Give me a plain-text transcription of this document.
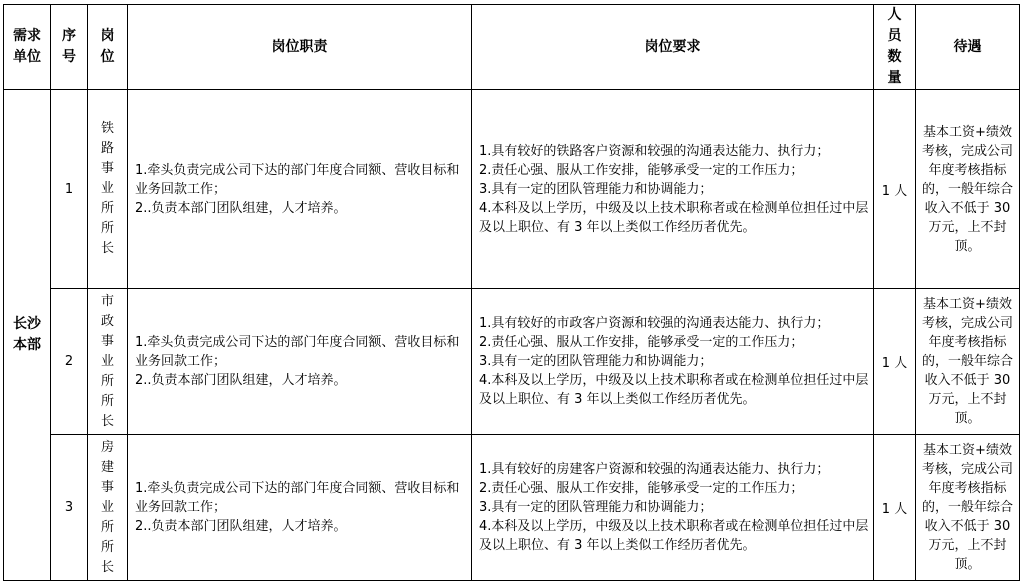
需求单位	序号	岗位	岗位职责	岗位要求	人员数量	待遇

长沙本部	1	铁路事业所所长	1.牵头负责完成公司下达的部门年度合同额、营收目标和业务回款工作；
2..负责本部门团队组建，人才培养。	1.具有较好的铁路客户资源和较强的沟通表达能力、执行力；
2.责任心强、服从工作安排，能够承受一定的工作压力；
3.具有一定的团队管理能力和协调能力；
4.本科及以上学历，中级及以上技术职称者或在检测单位担任过中层及以上职位、有 3 年以上类似工作经历者优先。	1 人	基本工资+绩效考核，完成公司年度考核指标的，一般年综合收入不低于 30 万元，上不封顶。
	2	市政事业所所长	1.牵头负责完成公司下达的部门年度合同额、营收目标和业务回款工作；
2..负责本部门团队组建，人才培养。	1.具有较好的市政客户资源和较强的沟通表达能力、执行力；
2.责任心强、服从工作安排，能够承受一定的工作压力；
3.具有一定的团队管理能力和协调能力；
4.本科及以上学历，中级及以上技术职称者或在检测单位担任过中层及以上职位、有 3 年以上类似工作经历者优先。	1 人	基本工资+绩效考核，完成公司年度考核指标的，一般年综合收入不低于 30 万元，上不封顶。
	3	房建事业所所长	1.牵头负责完成公司下达的部门年度合同额、营收目标和业务回款工作；
2..负责本部门团队组建，人才培养。	1.具有较好的房建客户资源和较强的沟通表达能力、执行力；
2.责任心强、服从工作安排，能够承受一定的工作压力；
3.具有一定的团队管理能力和协调能力；
4.本科及以上学历，中级及以上技术职称者或在检测单位担任过中层及以上职位、有 3 年以上类似工作经历者优先。	1 人	基本工资+绩效考核，完成公司年度考核指标的，一般年综合收入不低于 30 万元，上不封顶。
